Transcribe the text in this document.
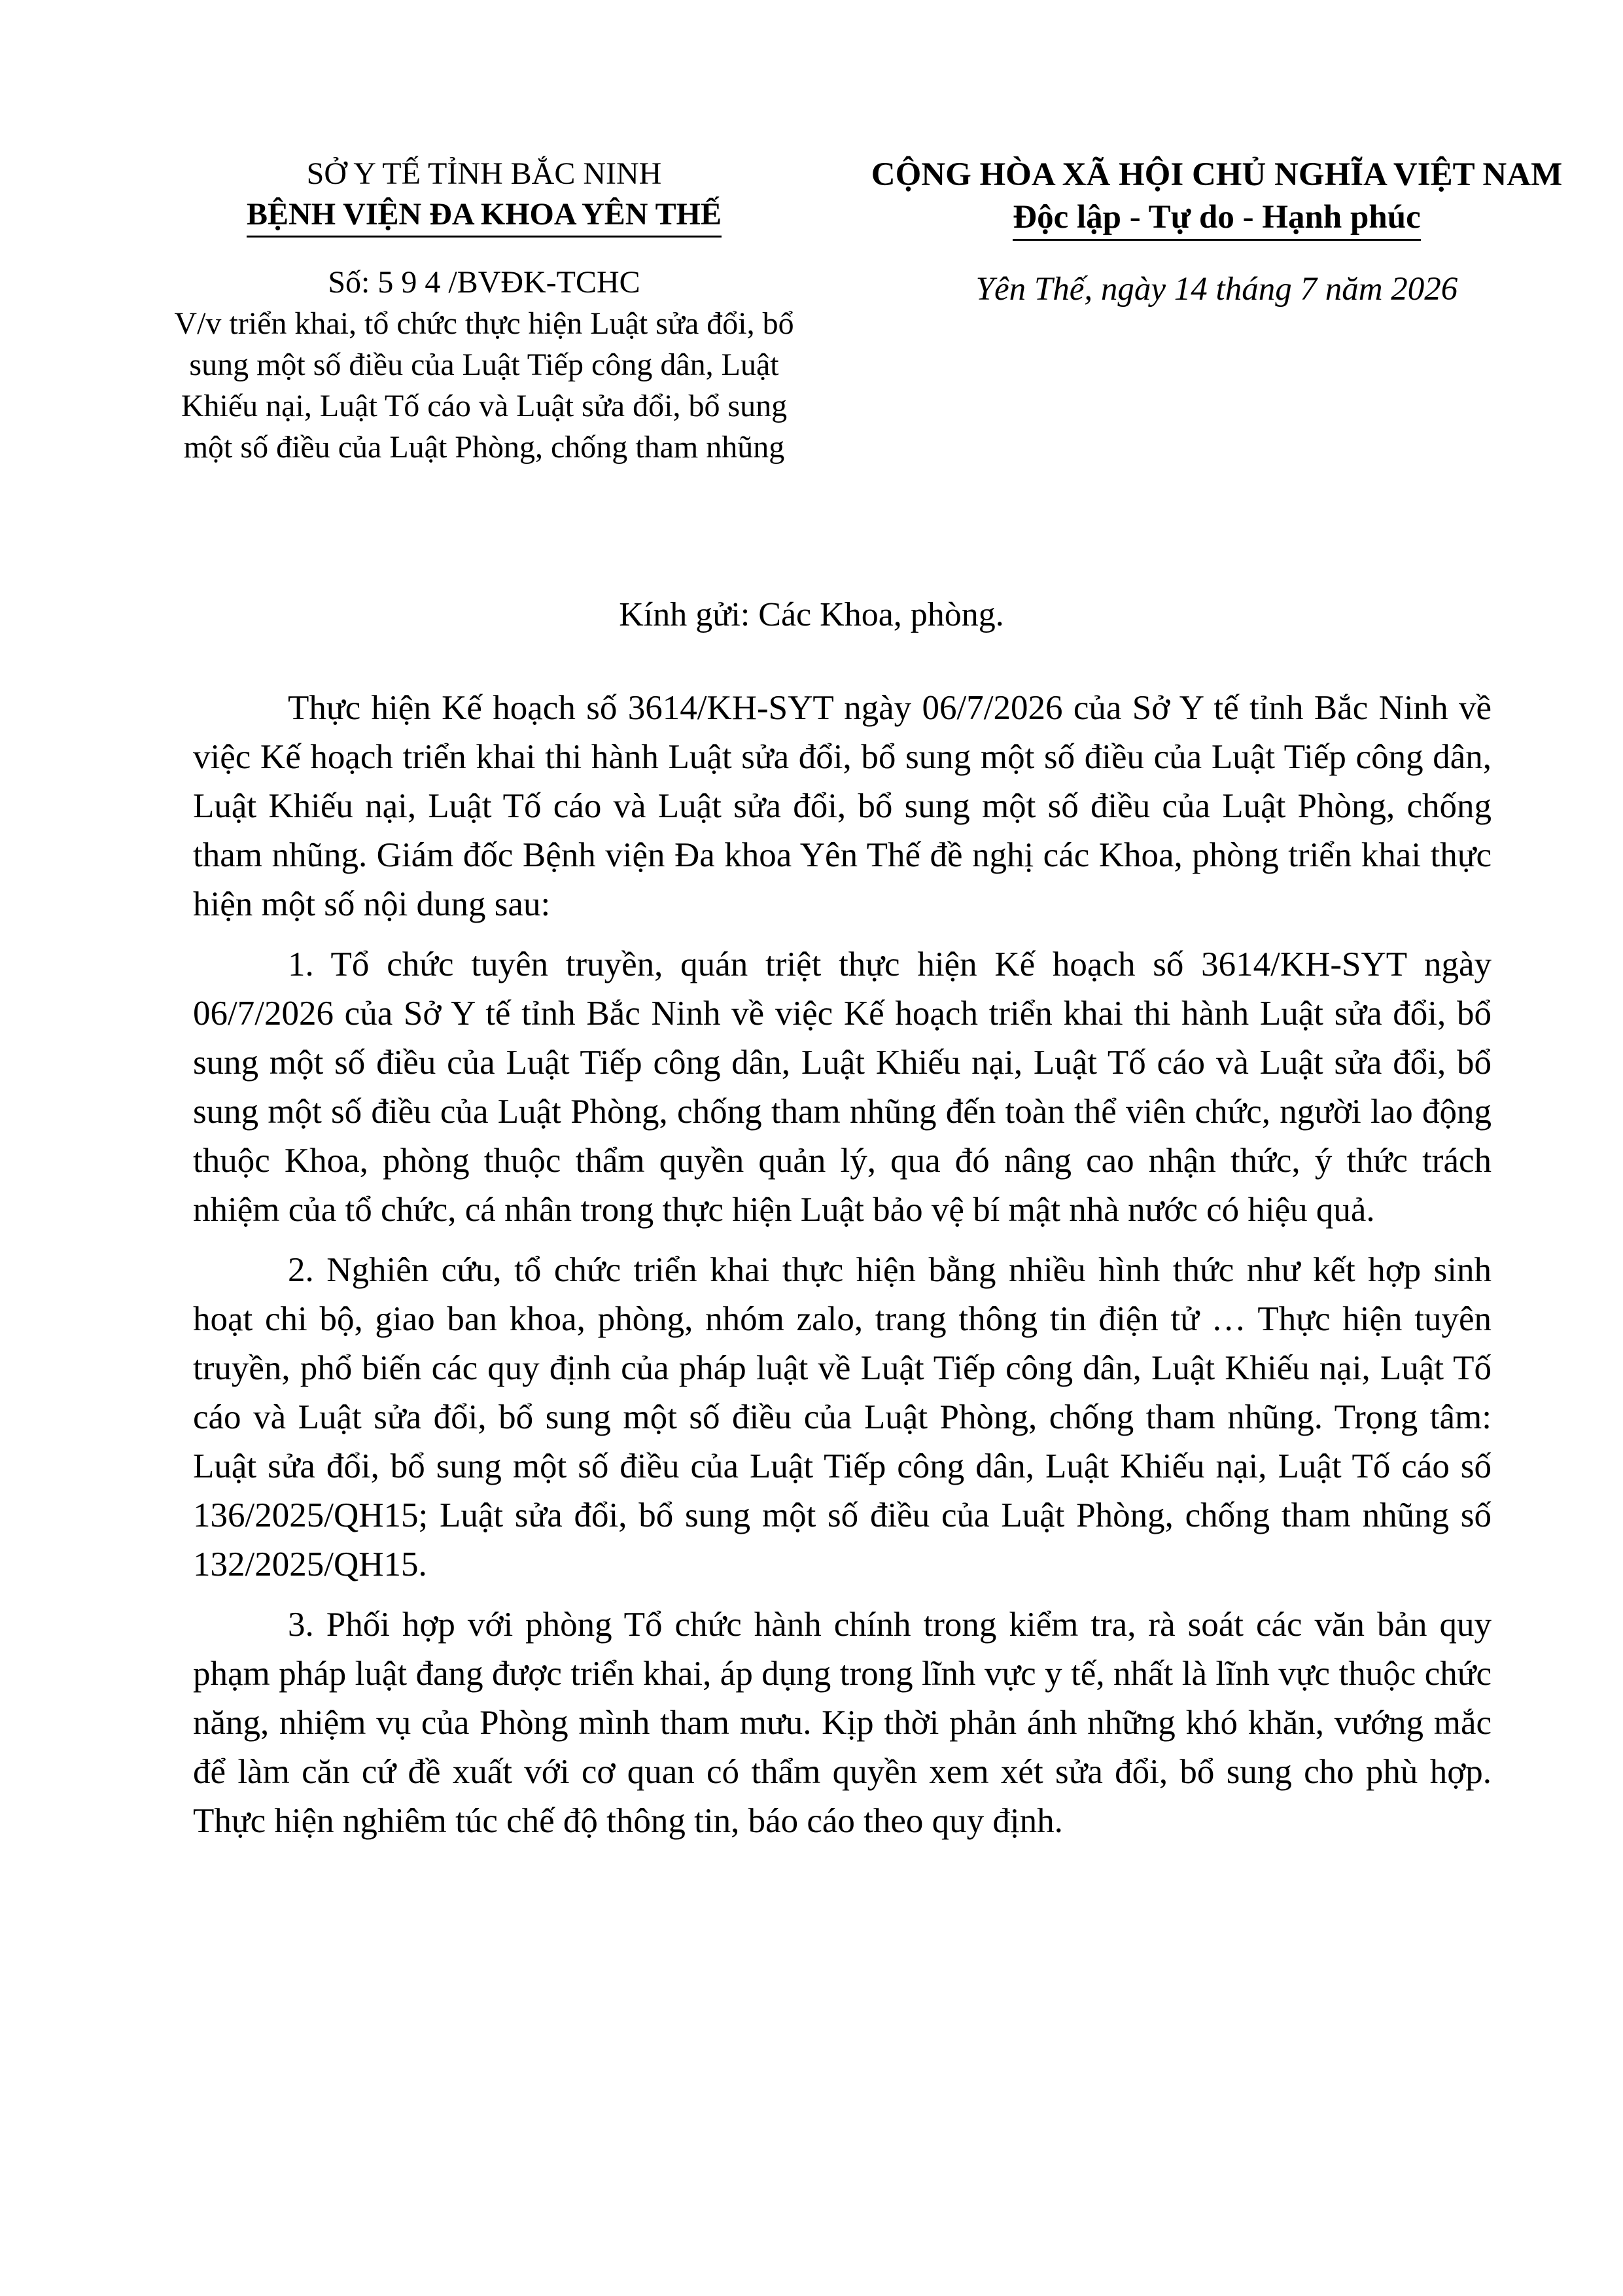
SỞ Y TẾ TỈNH BẮC NINH
BỆNH VIỆN ĐA KHOA YÊN THẾ
Số: 5 9 4 /BVĐK-TCHC
V/v triển khai, tổ chức thực hiện Luật sửa đổi, bổ sung một số điều của Luật Tiếp công dân, Luật Khiếu nại, Luật Tố cáo và Luật sửa đổi, bổ sung một số điều của Luật Phòng, chống tham nhũng
CỘNG HÒA XÃ HỘI CHỦ NGHĨA VIỆT NAM
Độc lập - Tự do - Hạnh phúc
Yên Thế, ngày 14 tháng 7 năm 2026
Kính gửi: Các Khoa, phòng.

Thực hiện Kế hoạch số 3614/KH-SYT ngày 06/7/2026 của Sở Y tế tỉnh Bắc Ninh về việc Kế hoạch triển khai thi hành Luật sửa đổi, bổ sung một số điều của Luật Tiếp công dân, Luật Khiếu nại, Luật Tố cáo và Luật sửa đổi, bổ sung một số điều của Luật Phòng, chống tham nhũng. Giám đốc Bệnh viện Đa khoa Yên Thế đề nghị các Khoa, phòng triển khai thực hiện một số nội dung sau:

1. Tổ chức tuyên truyền, quán triệt thực hiện Kế hoạch số 3614/KH-SYT ngày 06/7/2026 của Sở Y tế tỉnh Bắc Ninh về việc Kế hoạch triển khai thi hành Luật sửa đổi, bổ sung một số điều của Luật Tiếp công dân, Luật Khiếu nại, Luật Tố cáo và Luật sửa đổi, bổ sung một số điều của Luật Phòng, chống tham nhũng đến toàn thể viên chức, người lao động thuộc Khoa, phòng thuộc thẩm quyền quản lý, qua đó nâng cao nhận thức, ý thức trách nhiệm của tổ chức, cá nhân trong thực hiện Luật bảo vệ bí mật nhà nước có hiệu quả.

2. Nghiên cứu, tổ chức triển khai thực hiện bằng nhiều hình thức như kết hợp sinh hoạt chi bộ, giao ban khoa, phòng, nhóm zalo, trang thông tin điện tử … Thực hiện tuyên truyền, phổ biến các quy định của pháp luật về Luật Tiếp công dân, Luật Khiếu nại, Luật Tố cáo và Luật sửa đổi, bổ sung một số điều của Luật Phòng, chống tham nhũng. Trọng tâm: Luật sửa đổi, bổ sung một số điều của Luật Tiếp công dân, Luật Khiếu nại, Luật Tố cáo số 136/2025/QH15; Luật sửa đổi, bổ sung một số điều của Luật Phòng, chống tham nhũng số 132/2025/QH15.

3. Phối hợp với phòng Tổ chức hành chính trong kiểm tra, rà soát các văn bản quy phạm pháp luật đang được triển khai, áp dụng trong lĩnh vực y tế, nhất là lĩnh vực thuộc chức năng, nhiệm vụ của Phòng mình tham mưu. Kịp thời phản ánh những khó khăn, vướng mắc để làm căn cứ đề xuất với cơ quan có thẩm quyền xem xét sửa đổi, bổ sung cho phù hợp. Thực hiện nghiêm túc chế độ thông tin, báo cáo theo quy định.
